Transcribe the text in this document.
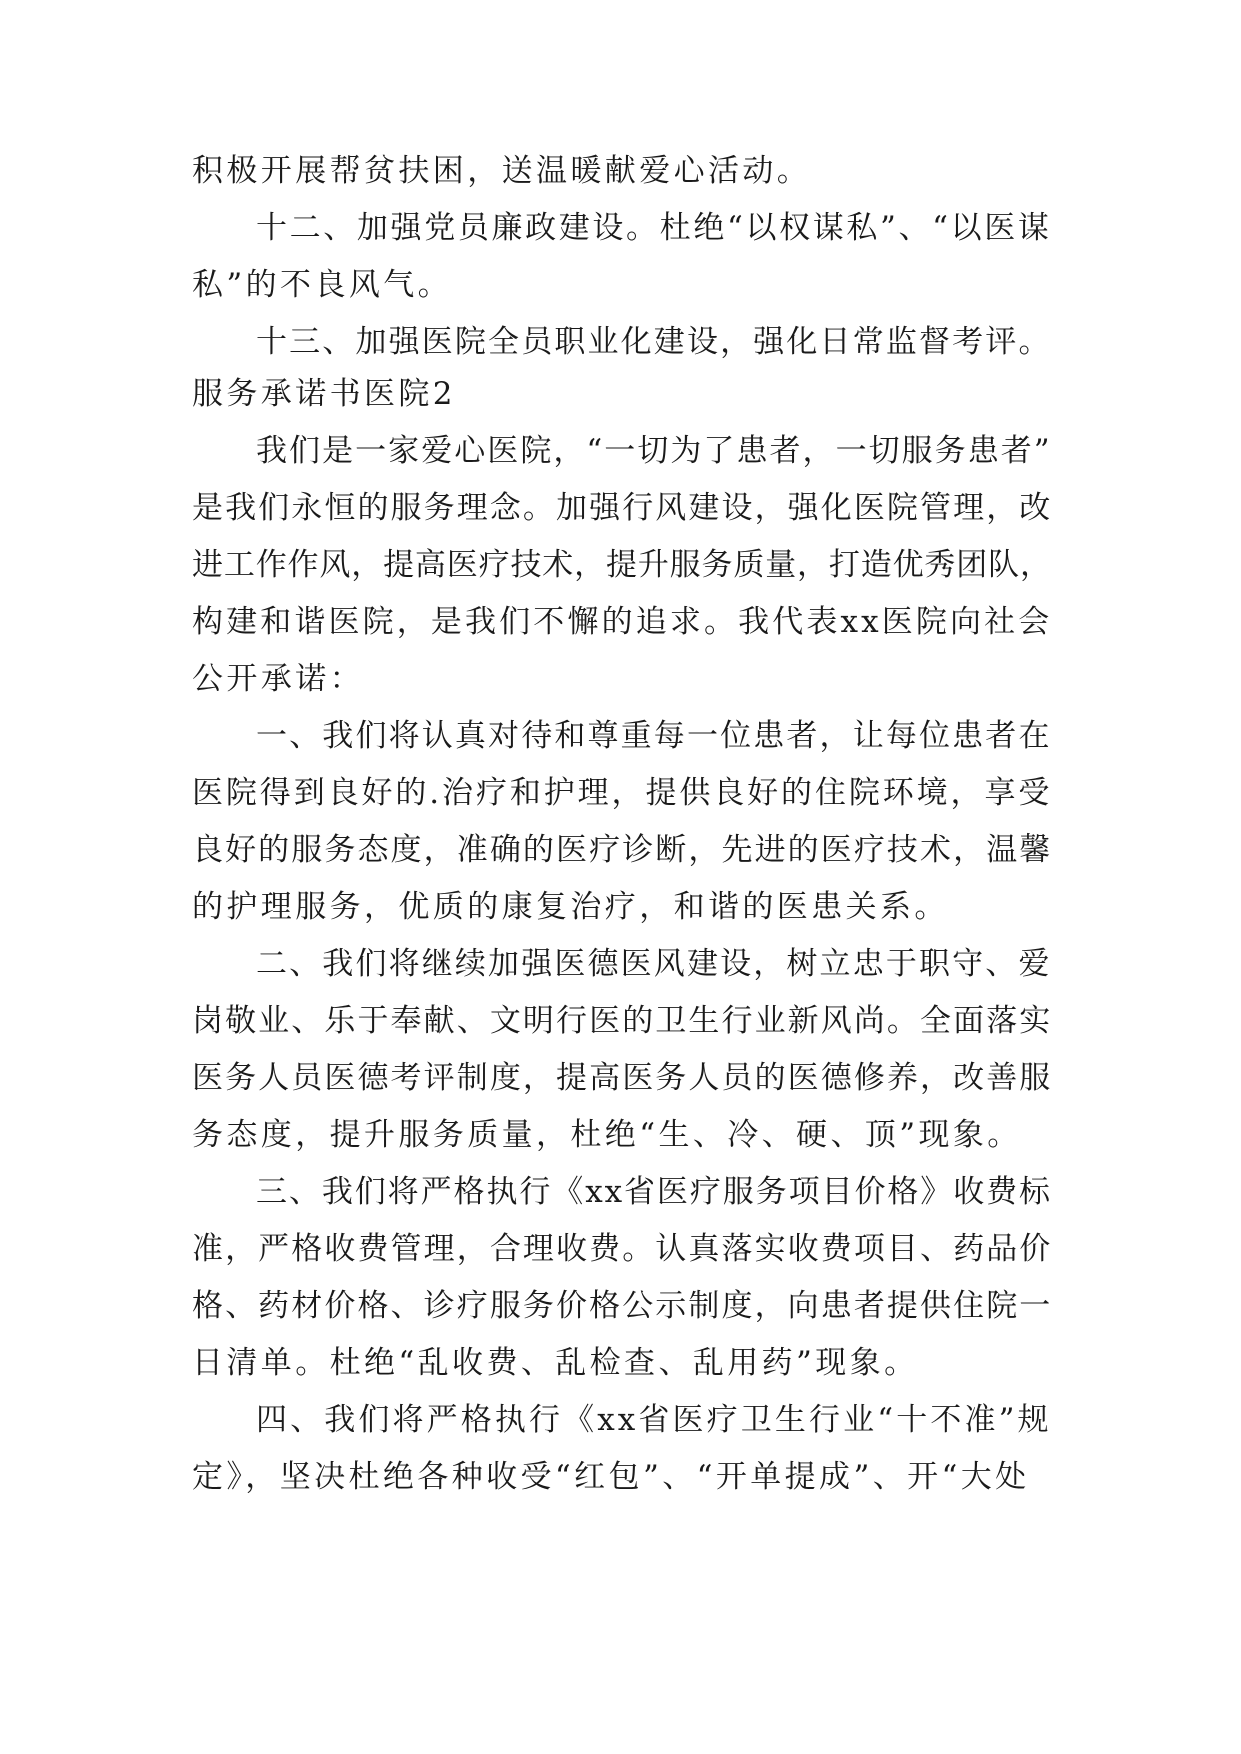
积极开展帮贫扶困，送温暖献爱心活动。

十二、加强党员廉政建设。杜绝“以权谋私”、“以医谋

私”的不良风气。

十三、加强医院全员职业化建设，强化日常监督考评。

服务承诺书医院2

我们是一家爱心医院，“一切为了患者，一切服务患者”

是我们永恒的服务理念。加强行风建设，强化医院管理，改

进工作作风，提高医疗技术，提升服务质量，打造优秀团队，

构建和谐医院，是我们不懈的追求。我代表xx医院向社会

公开承诺：

一、我们将认真对待和尊重每一位患者，让每位患者在

医院得到良好的.治疗和护理，提供良好的住院环境，享受

良好的服务态度，准确的医疗诊断，先进的医疗技术，温馨

的护理服务，优质的康复治疗，和谐的医患关系。

二、我们将继续加强医德医风建设，树立忠于职守、爱

岗敬业、乐于奉献、文明行医的卫生行业新风尚。全面落实

医务人员医德考评制度，提高医务人员的医德修养，改善服

务态度，提升服务质量，杜绝“生、冷、硬、顶”现象。

三、我们将严格执行《xx省医疗服务项目价格》收费标

准，严格收费管理，合理收费。认真落实收费项目、药品价

格、药材价格、诊疗服务价格公示制度，向患者提供住院一

日清单。杜绝“乱收费、乱检查、乱用药”现象。

四、我们将严格执行《xx省医疗卫生行业“十不准”规

定》，坚决杜绝各种收受“红包”、“开单提成”、开“大处
